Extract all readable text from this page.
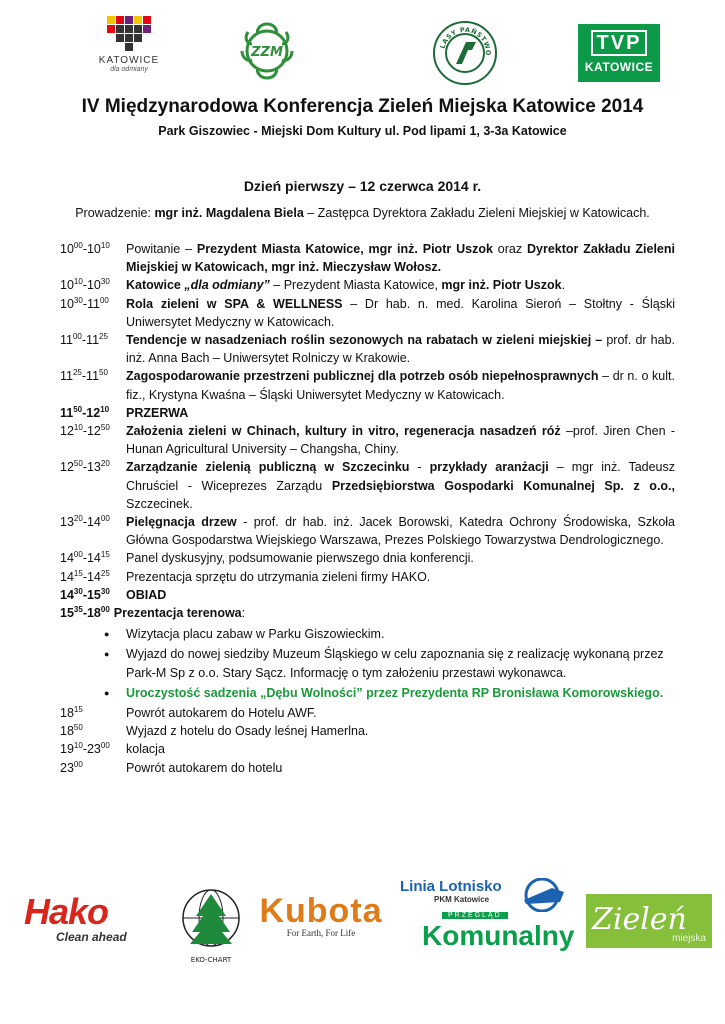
KATOWICE
dla odmiany
ZZM	LASY PAŃSTWO	TVP
KATOWICE
IV Międzynarodowa Konferencja Zieleń Miejska Katowice 2014
Park Giszowiec - Miejski Dom Kultury ul. Pod lipami 1, 3-3a Katowice
Dzień pierwszy – 12 czerwca 2014 r.
Prowadzenie: mgr inż. Magdalena Biela – Zastępca Dyrektora Zakładu Zieleni Miejskiej w Katowicach.
$10^{00}-10^{10}$	Powitanie – Prezydent Miasta Katowice, mgr inż. Piotr Uszok oraz Dyrektor Zakładu Zieleni Miejskiej w Katowicach, mgr inż. Mieczysław Wołosz.
$10^{10}-10^{30}$	Katowice „dla odmiany” – Prezydent Miasta Katowice, mgr inż. Piotr Uszok.
$10^{30}-11^{00}$	Rola zieleni w SPA & WELLNESS – Dr hab. n. med. Karolina Sieroń – Stołtny - Śląski Uniwersytet Medyczny w Katowicach.
$11^{00}-11^{25}$	Tendencje w nasadzeniach roślin sezonowych na rabatach w zieleni miejskiej – prof. dr hab. inż. Anna Bach – Uniwersytet Rolniczy w Krakowie.
$11^{25}-11^{50}$	Zagospodarowanie przestrzeni publicznej dla potrzeb osób niepełnosprawnych – dr n. o kult. fiz., Krystyna Kwaśna – Śląski Uniwersytet Medyczny w Katowicach.
$11^{50}-12^{10}$	PRZERWA
$12^{10}-12^{50}$	Założenia zieleni w Chinach, kultury in vitro, regeneracja nasadzeń róż –prof. Jiren Chen - Hunan Agricultural University – Changsha, Chiny.
$12^{50}-13^{20}$	Zarządzanie zielenią publiczną w Szczecinku - przykłady aranżacji – mgr inż. Tadeusz Chruściel - Wiceprezes Zarządu Przedsiębiorstwa Gospodarki Komunalnej Sp. z o.o., Szczecinek.
$13^{20}-14^{00}$	Pielęgnacja drzew - prof. dr hab. inż. Jacek Borowski, Katedra Ochrony Środowiska, Szkoła Główna Gospodarstwa Wiejskiego Warszawa, Prezes Polskiego Towarzystwa Dendrologicznego.
$14^{00}-14^{15}$	Panel dyskusyjny, podsumowanie pierwszego dnia konferencji.
$14^{15}-14^{25}$	Prezentacja sprzętu do utrzymania zieleni firmy HAKO.
$14^{30}-15^{30}$	OBIAD
$15^{35}-18^{00}$ Prezentacja terenowa:
● Wizytacja placu zabaw w Parku Giszowieckim.
● Wyjazd do nowej siedziby Muzeum Śląskiego w celu zapoznania się z realizację wykonaną przez Park-M Sp z o.o. Stary Sącz. Informację o tym założeniu przestawi wykonawca.
● Uroczystość sadzenia „Dębu Wolności” przez Prezydenta RP Bronisława Komorowskiego.
$18^{15}$	Powrót autokarem do Hotelu AWF.
$18^{50}$	Wyjazd z hotelu do Osady leśnej Hamerlna.
$19^{10}-23^{00}$	kolacja
$23^{00}$	Powrót autokarem do hotelu
Hako
Clean ahead
EKO-CHART
Kubota
For Earth, For Life
Linia Lotnisko
PKM Katowice
PRZEGLĄD
Komunalny Zieleń
miejska
